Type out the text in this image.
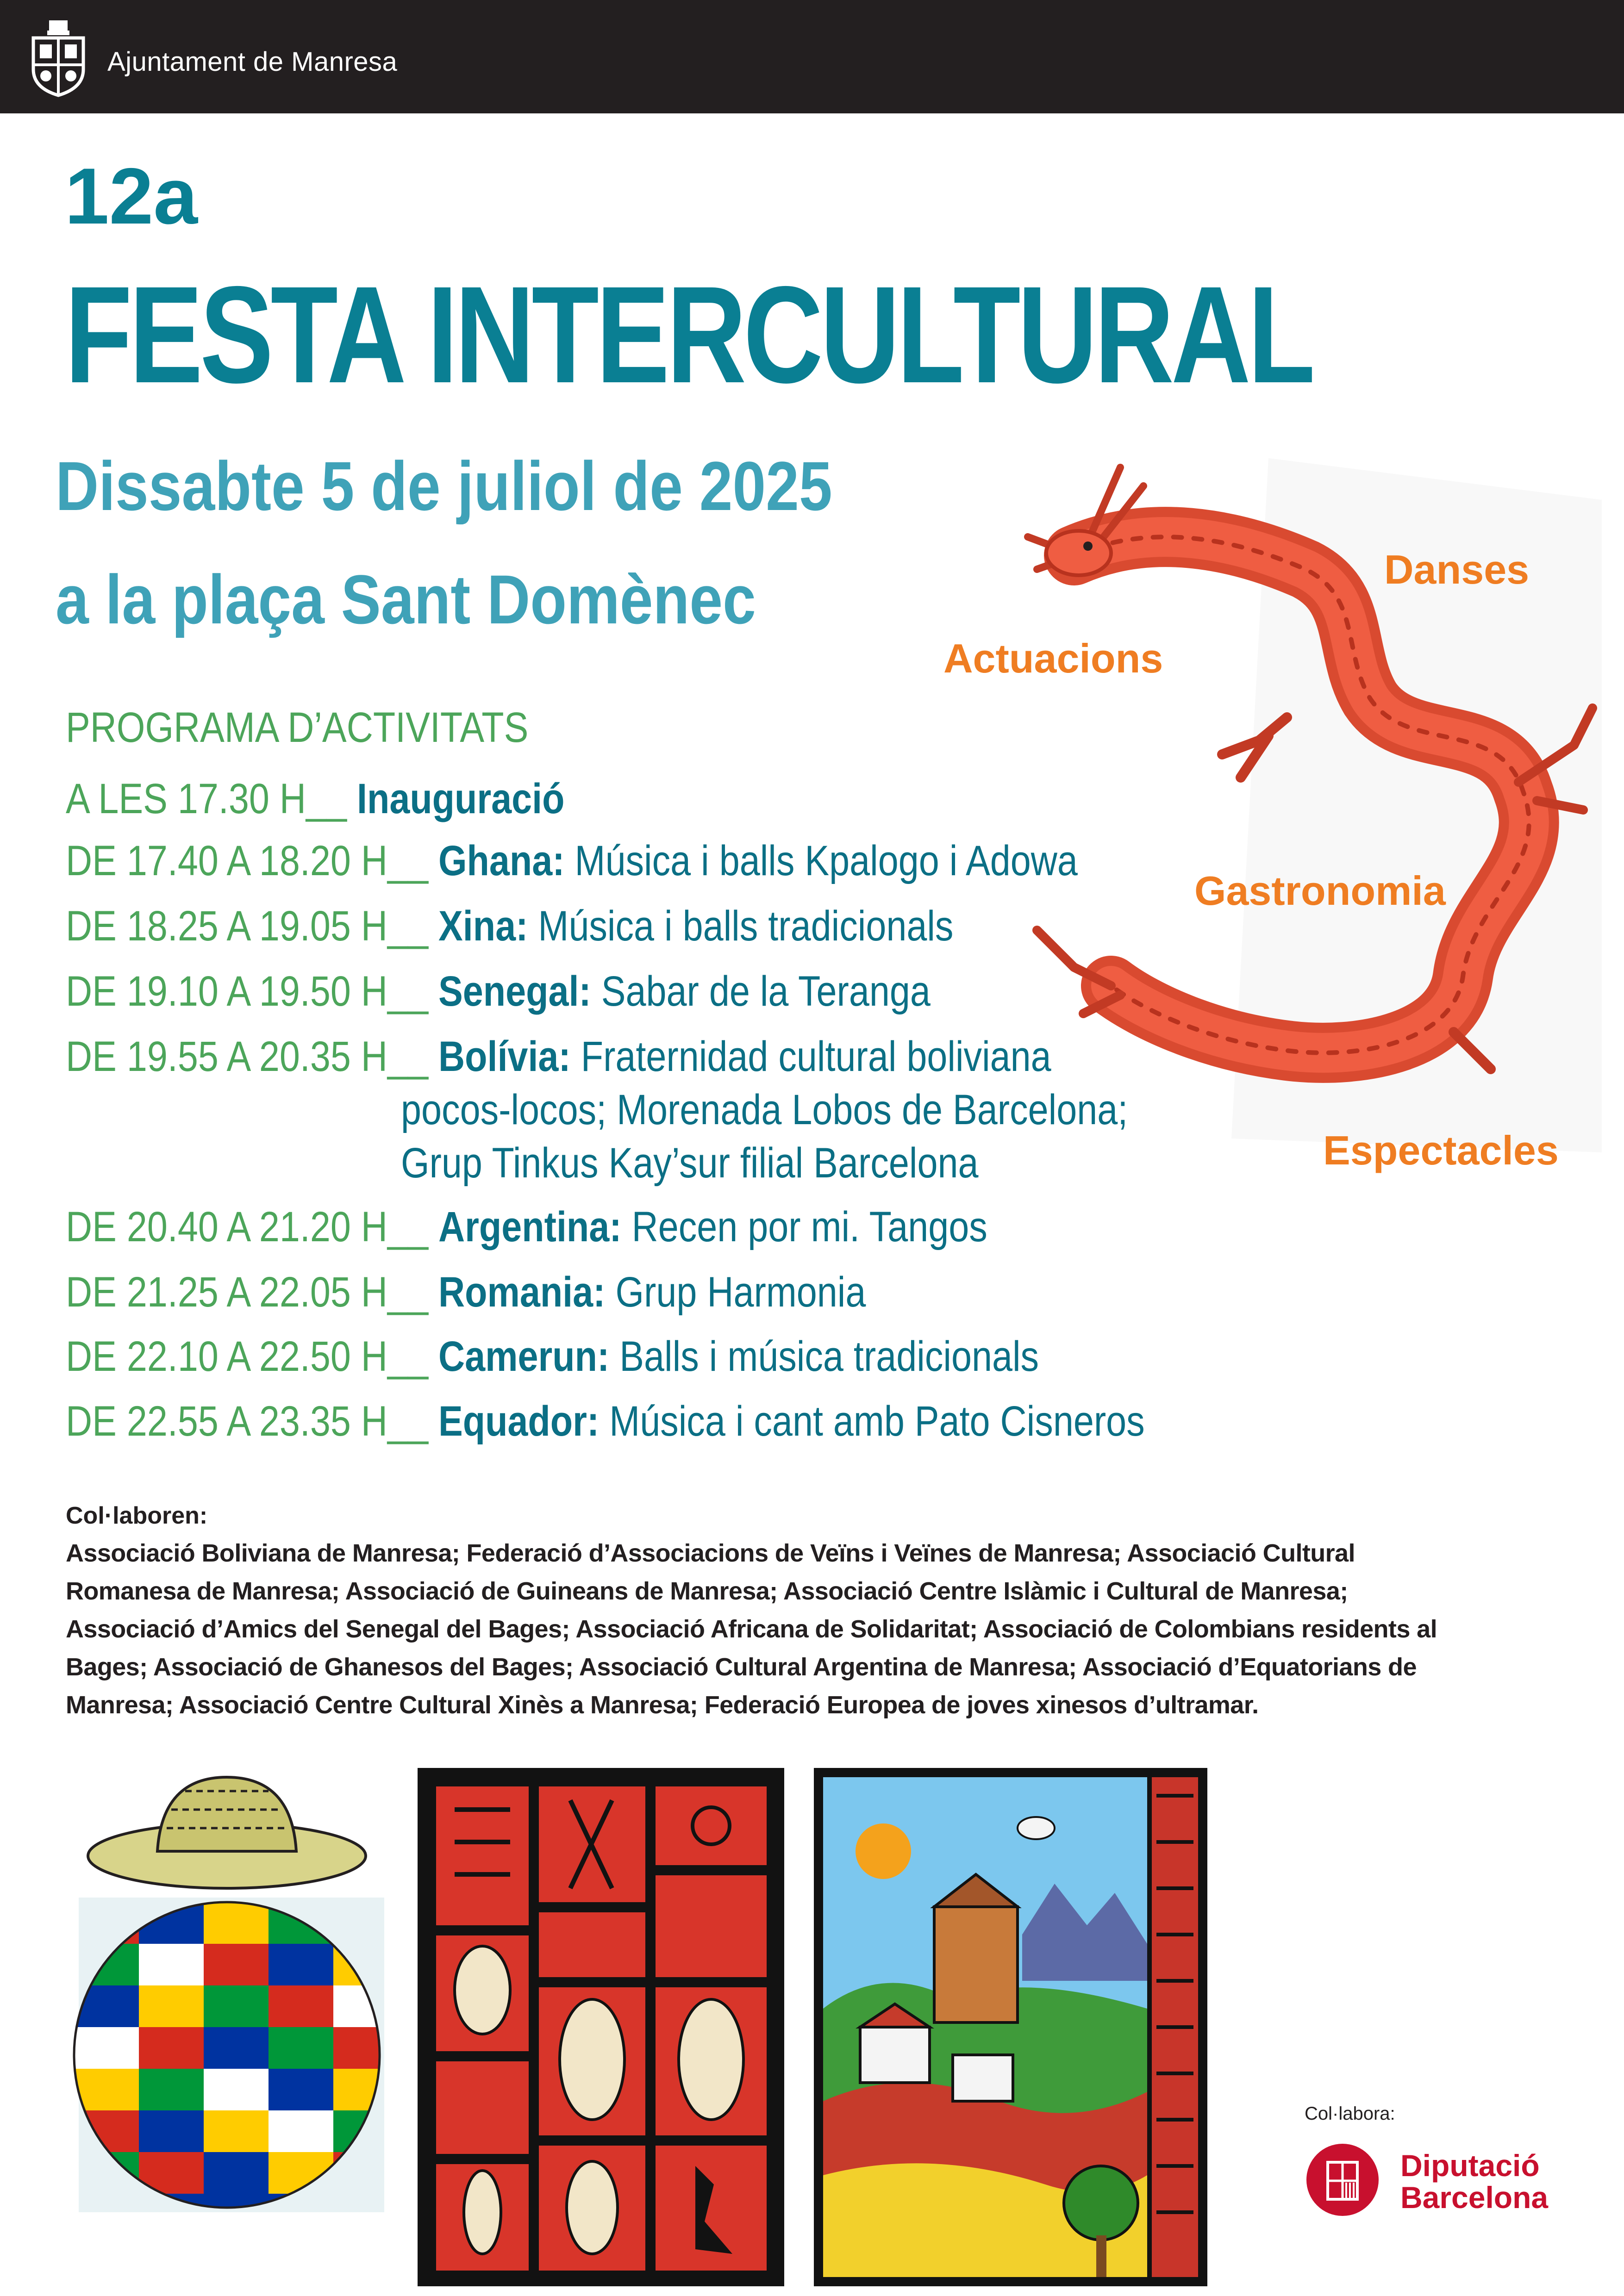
Ajuntament de Manresa
12a
FESTA INTERCULTURAL
Dissabte 5 de juliol de 2025
a la plaça Sant Domènec	Danses
Actuacions
Gastronomia
Espectacles
PROGRAMA D’ACTIVITATS
A LES 17.30 H__ Inauguració
DE 17.40 A 18.20 H__ Ghana: Música i balls Kpalogo i Adowa
DE 18.25 A 19.05 H__ Xina: Música i balls tradicionals
DE 19.10 A 19.50 H__ Senegal: Sabar de la Teranga
DE 19.55 A 20.35 H__ Bolívia: Fraternidad cultural boliviana
pocos-locos; Morenada Lobos de Barcelona;
Grup Tinkus Kay’sur filial Barcelona
DE 20.40 A 21.20 H__ Argentina: Recen por mi. Tangos
DE 21.25 A 22.05 H__ Romania: Grup Harmonia
DE 22.10 A 22.50 H__ Camerun: Balls i música tradicionals
DE 22.55 A 23.35 H__ Equador: Música i cant amb Pato Cisneros
Col·laboren:
Associació Boliviana de Manresa; Federació d’Associacions de Veïns i Veïnes de Manresa; Associació Cultural Romanesa de Manresa; Associació de Guineans de Manresa; Associació Centre Islàmic i Cultural de Manresa; Associació d’Amics del Senegal del Bages; Associació Africana de Solidaritat; Associació de Colombians residents al Bages; Associació de Ghanesos del Bages; Associació Cultural Argentina de Manresa; Associació d’Equatorians de Manresa; Associació Centre Cultural Xinès a Manresa; Federació Europea de joves xinesos d’ultramar.
Col·labora:
Diputació
Barcelona
